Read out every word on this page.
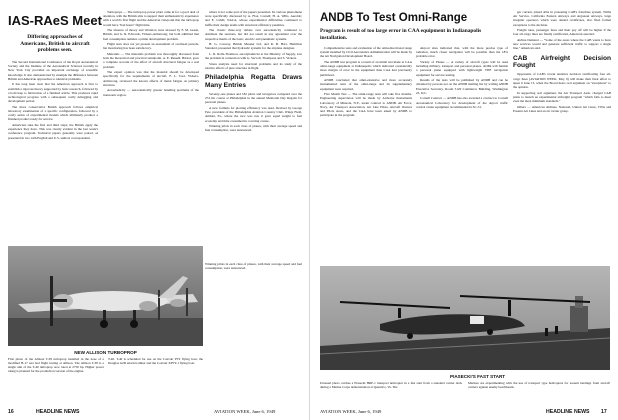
IAS-RAeS Meet
Differing approaches of Americans, British to aircraft problems seen.

The Second International Conference of the Royal Aeronautical Society and the Institute of the Aeronautical Sciences recently in New York City provided an important exchange of scientific knowledge. It also demonstrated by example the difference between British and American approaches to identical problems.

It has long been clear that the American approach is first to establish a rigorous theory supported by basic research, followed by a bold leap to fabrication of a finished article. This produces rapid technological progress with a subsequent costly debugging and development period.

The more conservative British approach follows empirical laboratory examination of a specific configuration, followed by a costly series of experimental models which ultimately produce a finished product ready for service.

Americans take the first and third steps; the British apply the experience they have. This was clearly evident in the last week's conference program. Technical papers generally were paired, as presented in two with English and U.S. authors correspondent.

Turboprops — The turboprop power plant came in for a good deal of attention, with the British able to support their enthusiasm by experience with a world's first flight and the American viewpoint that the turboprop would have "had hours" flight time.

The absence of theory and vibration were stressed by F. M. Green, British, and G. R. Edwards, Vickers-Armstrong; but both admitted that fuel consumption remains a prime development problem.

Flight tests does not yet present an assessment of overhead periods, but monitoring has been satisfactory.

Materials — The materials problem was thoroughly discussed from both the theoretical and practical standpoint. A. E. Russell, Bristol, gave a complete account of the effect of aircraft structural fatigue as a real problem.

The expert opinion was that the material should be developed specifically for the requirements of aircraft. F. L. Tool, Vickers-Armstrong, reviewed the known effects of metal fatigue on primary structure.

Aeroelasticity — Aeroelastically greater handling problems of the transsonic region.

where it not some part of the papers presented. Its various phenomena were specifically discussed by A. Flax, Cornell; H. A. Wills, Aerolab; and E. Cahill, NACA, whose experimental difficulties continued to baffle their design teams with structural efficiency penalties.

The classic three-way debate over aeroelasticity continued to dominate the sessions, but did not result in any agreement over the respective merits of the basic, electric and pneumatic systems.

H. G. Conway, British Messier Ltd, and R. B. Hart, Hamilton Standard, presented that hydraulic systems for the airplane designer.

L. R. Rolls-Thomson, aerodynamicist at the Ministry of Supply, saw the problem in connection with G. Sarvoll, Thompson and S. Vickers.

Stress analysis need for structural problems and its study of the relative effects of pure structure in flight.

Philadelphia Regatta Draws Many Entries

Seventy-one planes and 182 pilots and navigators competed over the 274 mi. course at Philadelphia in the annual Memorial Day Regatta for personal planes.

A new formula for plotting efficiency was used. Devised by George Pew, president of the Philadelphia Aviation Country Club, Wings Field, Ambler, Pa., where the race was run, it gave equal weight to fuel economy and time consumed in covering course.

Winning pilots in each class of planes, with their average speed and fuel consumption, were announced.

NEW ALLISON TURBOPROP
First photo of the Allison T-38 turboprop installed in the nose of a modified B-17 test bed flight testing at Allison. The Allison T-38 is a single unit of the T-40 turboprop now rated at 2750 hp. Higher power rating is planned for the production version of the engine.
T-40. T-40 is scheduled for use on the Convair P5Y flying boat, the Douglas A2D attack bomber and the Convair XP5Y-1 flying boat.

Winning pilots in each class of planes, with their average speed and fuel consumption, were announced.

16	HEADLINE NEWS	AVIATION WEEK, June 6, 1949
ANDB To Test Omni-Range
Program is result of too large error in CAA equipment in Indianapolis installation.

Comprehensive tests and evaluation of the omni-directional range system installed by Civil Aeronautics Administration will be made by the Air Navigation Development Board.

The ANDB test program is a result of an initial test made at CAA omni-range equipment at Indianapolis which indicated considerably more margin of error in the equipment than CAA had previously publicized.

ANDB concluded that omni-extensive and more accurately instrumented tests of the omni-range and its supplementary equipment were required.

Five Month Test — The omni-range tests will take five months. Engineering supervision will be made by Airborne Instruments Laboratory of Mineola, N.Y., under contract to ANDB. Air Force, Navy, Air Transport Association, Air Line Pilots, Aircraft Owners and Pilots Assn., and the CAA have been asked by ANDB to participate in the program.

Airport sites indicated that, with the more precise type of radiation, much closer navigation will be possible than the 18% probable error.

Variety of Planes — A variety of aircraft types will be used including military, transport and personal planes. AOPA will furnish a personal plane equipped with lightweight VHF navigation equipment for service testing.

Results of the tests will be published by ANDB and can be obtained by persons not on the ANDB mailing list by writing ANDB Executive Secretary, Room 5120 Commerce Building, Washington 25, D.C.

Cornell Contract — ANDB has also awarded a contract to Cornell Aeronautical Laboratory for development of the airport traffic control center equipment recommended in SC-31.

ger carriers joined ATA in protesting CAB's franchise system. Willis Air Service, California Eastern Airways and Argonaut Airways, large irregular operators which were denied certificates, also filed formal exceptions to the decision.

Freight rates, passenger fares and their pay off will be higher if the four all-cargo lines are finally certificated, American asserted.

Airline Demand — "Some of the areas where the CAB wants to have new services would and generate sufficient traffic to support a single line," American said.

CAB Airfreight Decision Fought

Opponents of CAB's recent tentative decision certificating four all-cargo lines (AVIATION WEEK, May 9) will make their final effort to upset it June 13, when the Board hears oral argument on "exceptions" to the opinion.

In supporting oral argument, the Air Transport Assn. charged CAB plans to launch an experimental airfreight program "which fails to meet even the most minimum standards."

Others — American Airlines, National, United Air Lines, TWA and Eastern Air Lines and an air carrier group.

PIASECKI'S FAST START
Unusual photo catches a Piasecki HRP-1 transport helicopter in a fast start from a standard carrier deck during a Marine Corps demonstration at Quantico, Va. The
Marines are experimenting with the use of transport type helicopters for assault landings from aircraft carriers against enemy beachheads.
AVIATION WEEK, June 6, 1949	HEADLINE NEWS 17
